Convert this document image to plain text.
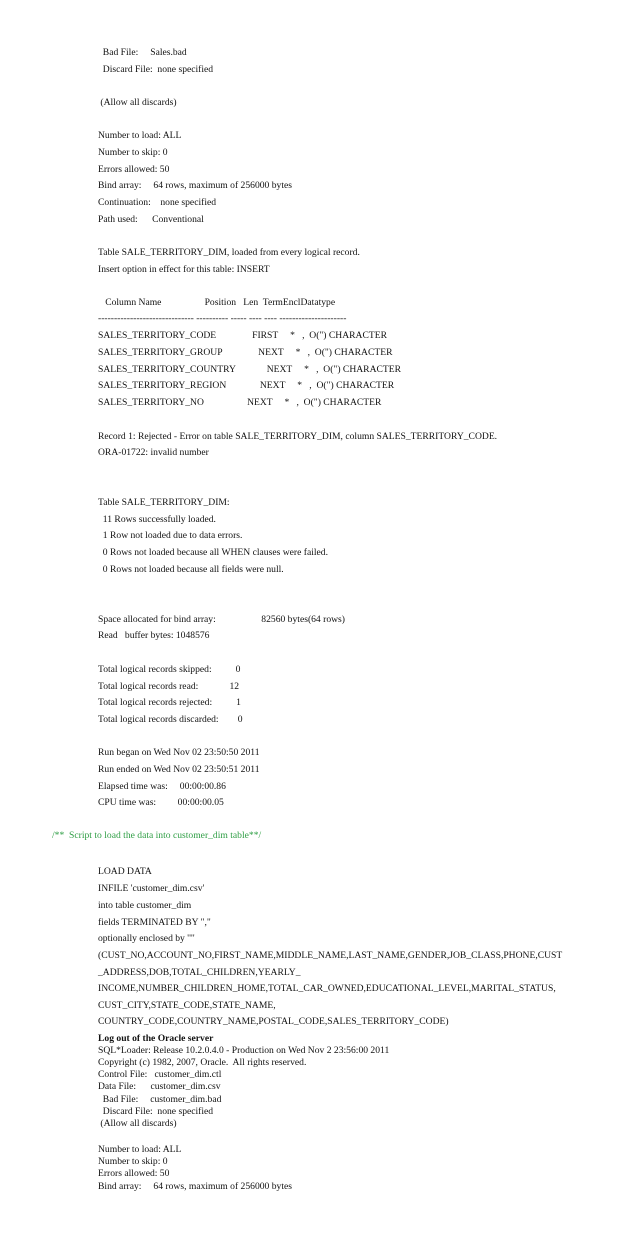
Bad File:     Sales.bad
Discard File:  none specified
(Allow all discards)
Number to load: ALL
Number to skip: 0
Errors allowed: 50
Bind array:     64 rows, maximum of 256000 bytes
Continuation:    none specified
Path used:      Conventional
Table SALE_TERRITORY_DIM, loaded from every logical record.
Insert option in effect for this table: INSERT
Column Name                  Position   Len  TermEnclDatatype
------------------------------ ---------- ----- ---- ---- ---------------------
SALES_TERRITORY_CODE               FIRST     *   ,  O(") CHARACTER
SALES_TERRITORY_GROUP               NEXT     *   ,  O(") CHARACTER
SALES_TERRITORY_COUNTRY             NEXT     *   ,  O(") CHARACTER
SALES_TERRITORY_REGION              NEXT     *   ,  O(") CHARACTER
SALES_TERRITORY_NO                  NEXT     *   ,  O(") CHARACTER
Record 1: Rejected - Error on table SALE_TERRITORY_DIM, column SALES_TERRITORY_CODE.
ORA-01722: invalid number
Table SALE_TERRITORY_DIM:
11 Rows successfully loaded.
1 Row not loaded due to data errors.
0 Rows not loaded because all WHEN clauses were failed.
0 Rows not loaded because all fields were null.
Space allocated for bind array:                   82560 bytes(64 rows)
Read   buffer bytes: 1048576
Total logical records skipped:          0
Total logical records read:             12
Total logical records rejected:          1
Total logical records discarded:        0
Run began on Wed Nov 02 23:50:50 2011
Run ended on Wed Nov 02 23:50:51 2011
Elapsed time was:     00:00:00.86
CPU time was:         00:00:00.05
/**  Script to load the data into customer_dim table**/
LOAD DATA
INFILE 'customer_dim.csv'
into table customer_dim
fields TERMINATED BY ","
optionally enclosed by '"'
(CUST_NO,ACCOUNT_NO,FIRST_NAME,MIDDLE_NAME,LAST_NAME,GENDER,JOB_CLASS,PHONE,CUST
_ADDRESS,DOB,TOTAL_CHILDREN,YEARLY_
INCOME,NUMBER_CHILDREN_HOME,TOTAL_CAR_OWNED,EDUCATIONAL_LEVEL,MARITAL_STATUS,
CUST_CITY,STATE_CODE,STATE_NAME,
COUNTRY_CODE,COUNTRY_NAME,POSTAL_CODE,SALES_TERRITORY_CODE)
Log out of the Oracle server
SQL*Loader: Release 10.2.0.4.0 - Production on Wed Nov 2 23:56:00 2011
Copyright (c) 1982, 2007, Oracle.  All rights reserved.
Control File:   customer_dim.ctl
Data File:      customer_dim.csv
Bad File:     customer_dim.bad
Discard File:  none specified
(Allow all discards)
Number to load: ALL
Number to skip: 0
Errors allowed: 50
Bind array:     64 rows, maximum of 256000 bytes
